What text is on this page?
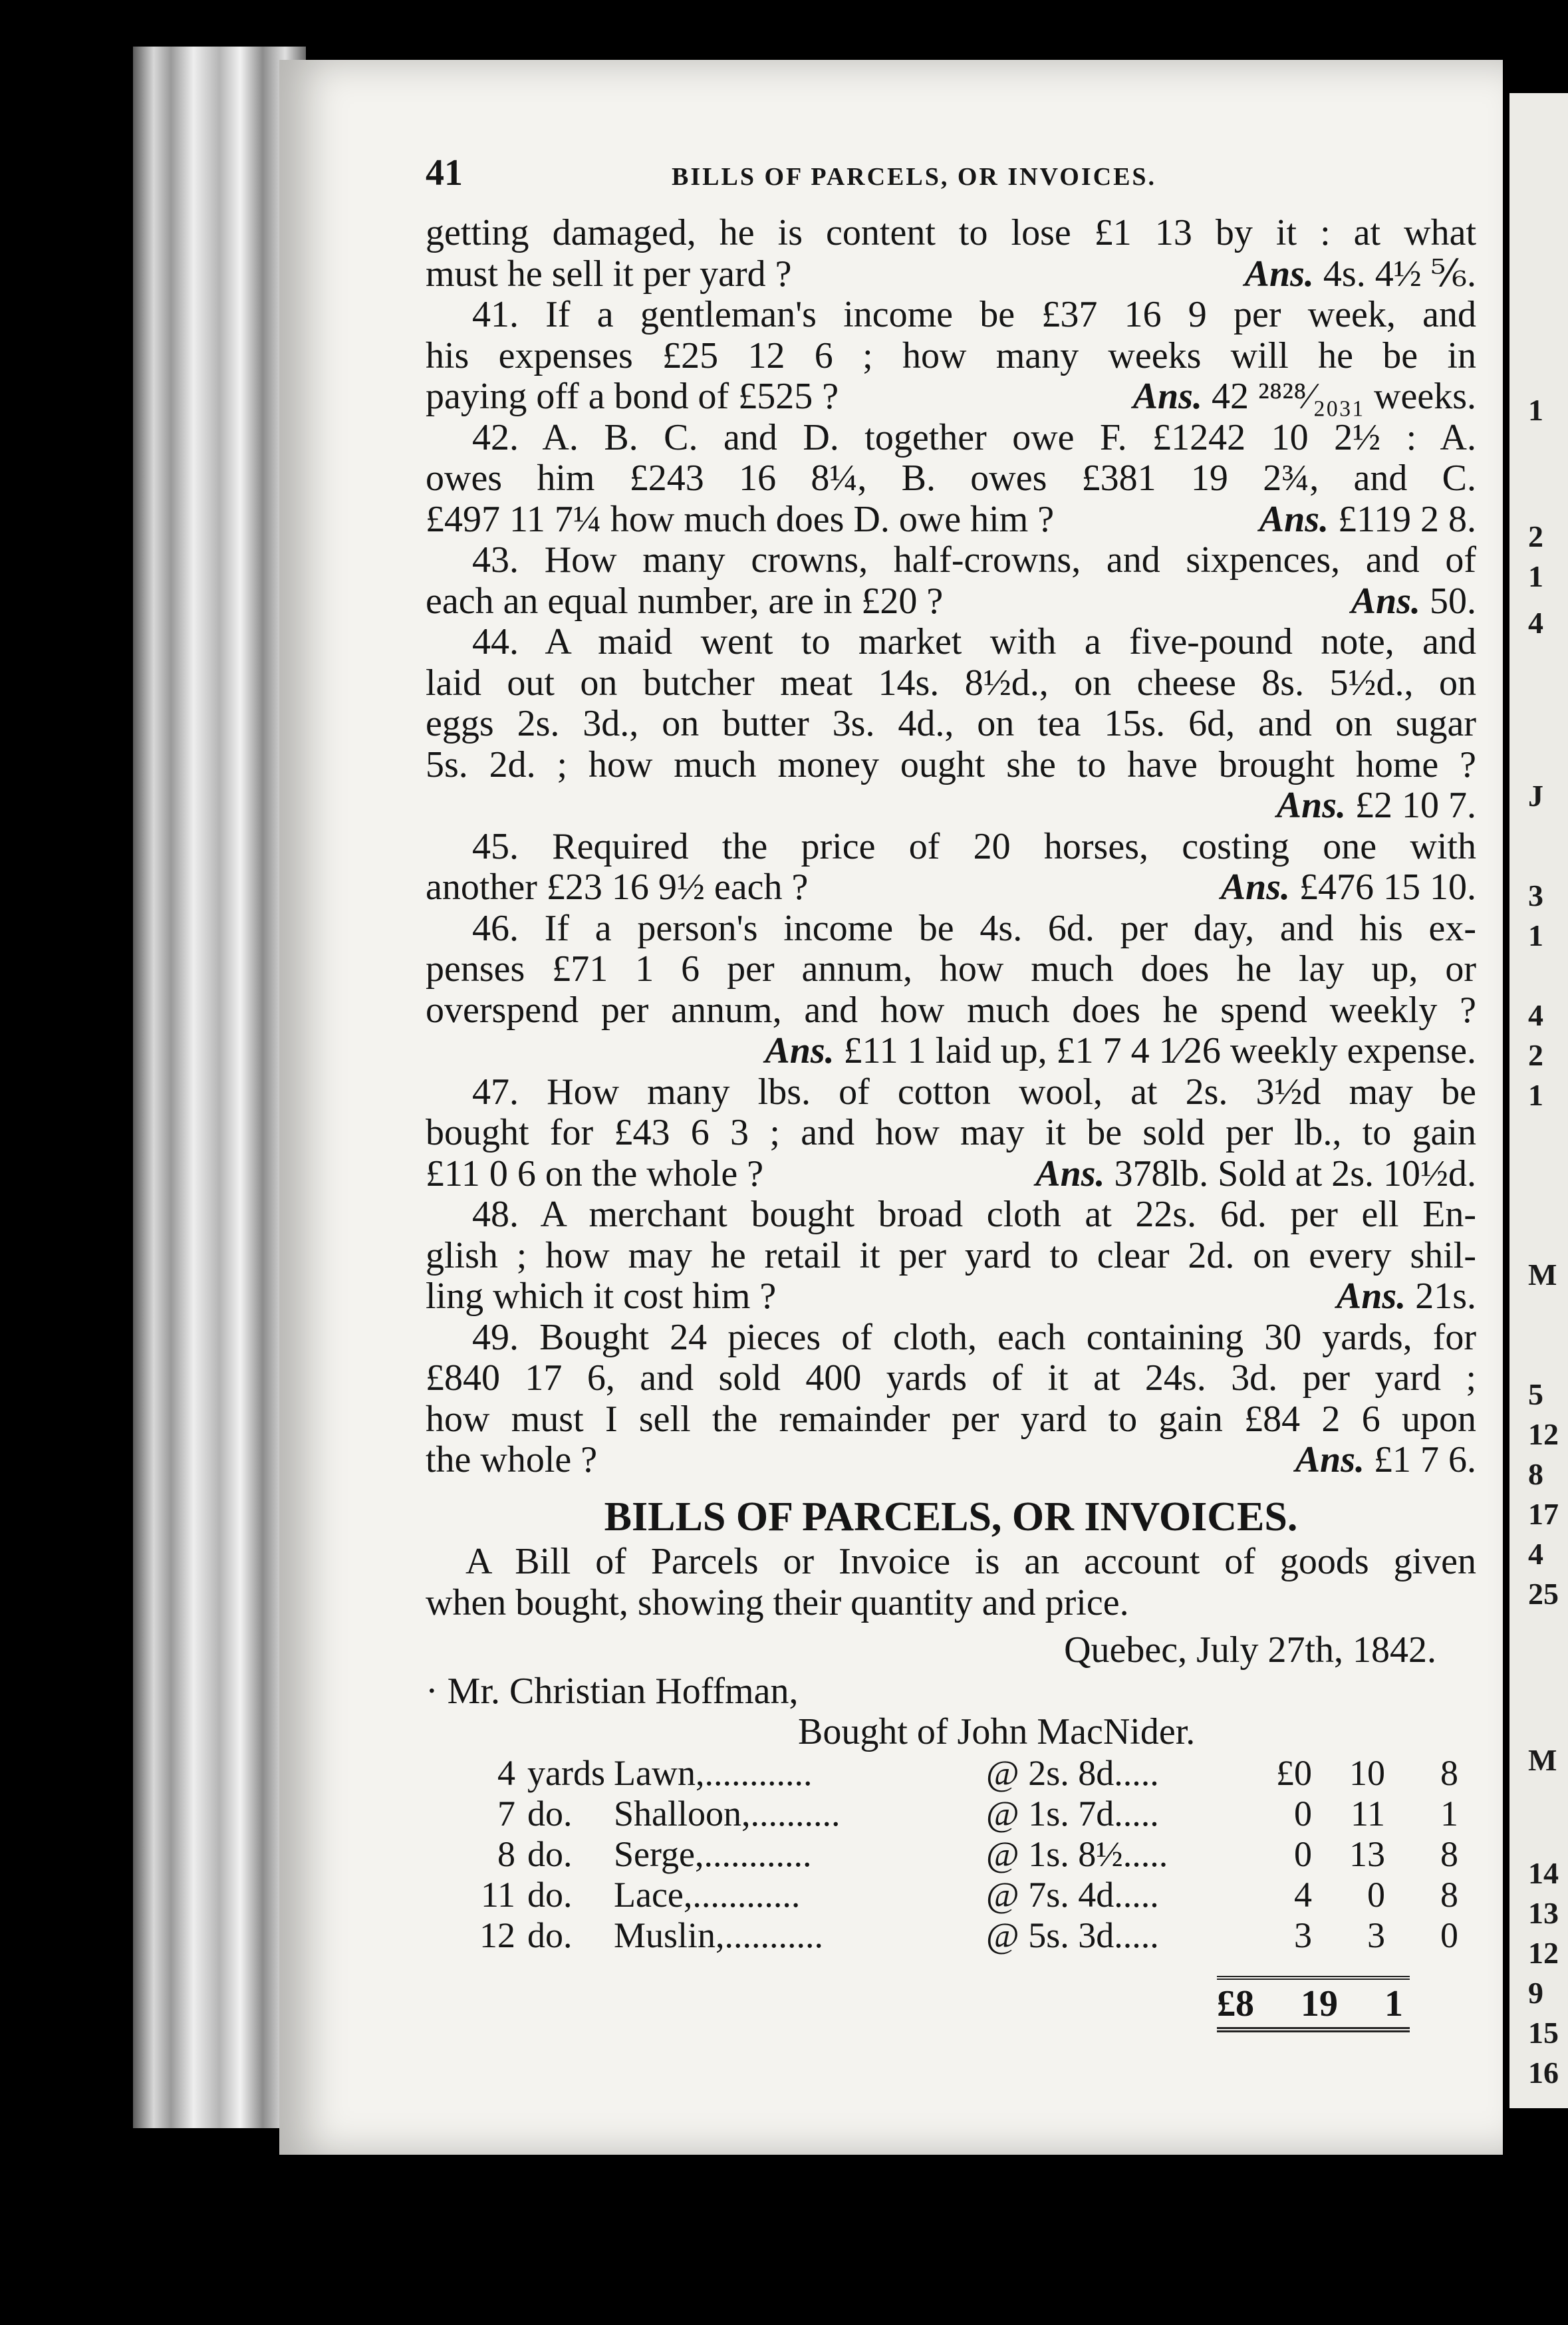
1
2
1
4
J
3
1
4
2
1
M
5
12
8
17
4
25
M
14
13
12
9
15
16
41	BILLS OF PARCELS, OR INVOICES.
getting damaged, he is content to lose £1 13 by it : at what
must he sell it per yard ?	Ans. 4s. 4½ ⅚.
41. If a gentleman's income be £37 16 9 per week, and
his expenses £25 12 6 ; how many weeks will he be in
paying off a bond of £525 ?	Ans. 42 ²⁸²⁸⁄₂₀₃₁ weeks.
42. A. B. C. and D. together owe F. £1242 10 2½ : A.
owes him £243 16 8¼, B. owes £381 19 2¾, and C.
£497 11 7¼ how much does D. owe him ?	Ans. £119 2 8.
43. How many crowns, half-crowns, and sixpences, and of
each an equal number, are in £20 ?	Ans. 50.
44. A maid went to market with a five-pound note, and
laid out on butcher meat 14s. 8½d., on cheese 8s. 5½d., on
eggs 2s. 3d., on butter 3s. 4d., on tea 15s. 6d, and on sugar
5s. 2d. ; how much money ought she to have brought home ?
Ans. £2 10 7.
45. Required the price of 20 horses, costing one with
another £23 16 9½ each ?	Ans. £476 15 10.
46. If a person's income be 4s. 6d. per day, and his ex-
penses £71 1 6 per annum, how much does he lay up, or
overspend per annum, and how much does he spend weekly ?
Ans. £11 1 laid up, £1 7 4 1⁄26 weekly expense.
47. How many lbs. of cotton wool, at 2s. 3½d may be
bought for £43 6 3 ; and how may it be sold per lb., to gain
£11 0 6 on the whole ?	Ans. 378lb. Sold at 2s. 10½d.
48. A merchant bought broad cloth at 22s. 6d. per ell En-
glish ; how may he retail it per yard to clear 2d. on every shil-
ling which it cost him ?	Ans. 21s.
49. Bought 24 pieces of cloth, each containing 30 yards, for
£840 17 6, and sold 400 yards of it at 24s. 3d. per yard ;
how must I sell the remainder per yard to gain £84 2 6 upon
the whole ?	Ans. £1 7 6.
BILLS OF PARCELS, OR INVOICES.
A Bill of Parcels or Invoice is an account of goods given
when bought, showing their quantity and price.
Quebec, July 27th, 1842.
· Mr. Christian Hoffman,
Bought of John MacNider.
4	yards	Lawn,............	@ 2s. 8d.....	£0	10	8
7	do.	Shalloon,..........	@ 1s. 7d.....	0	11	1
8	do.	Serge,............	@ 1s. 8½.....	0	13	8
11	do.	Lace,............	@ 7s. 4d.....	4	0	8
12	do.	Muslin,...........	@ 5s. 3d.....	3	3	0
£8 19 1
